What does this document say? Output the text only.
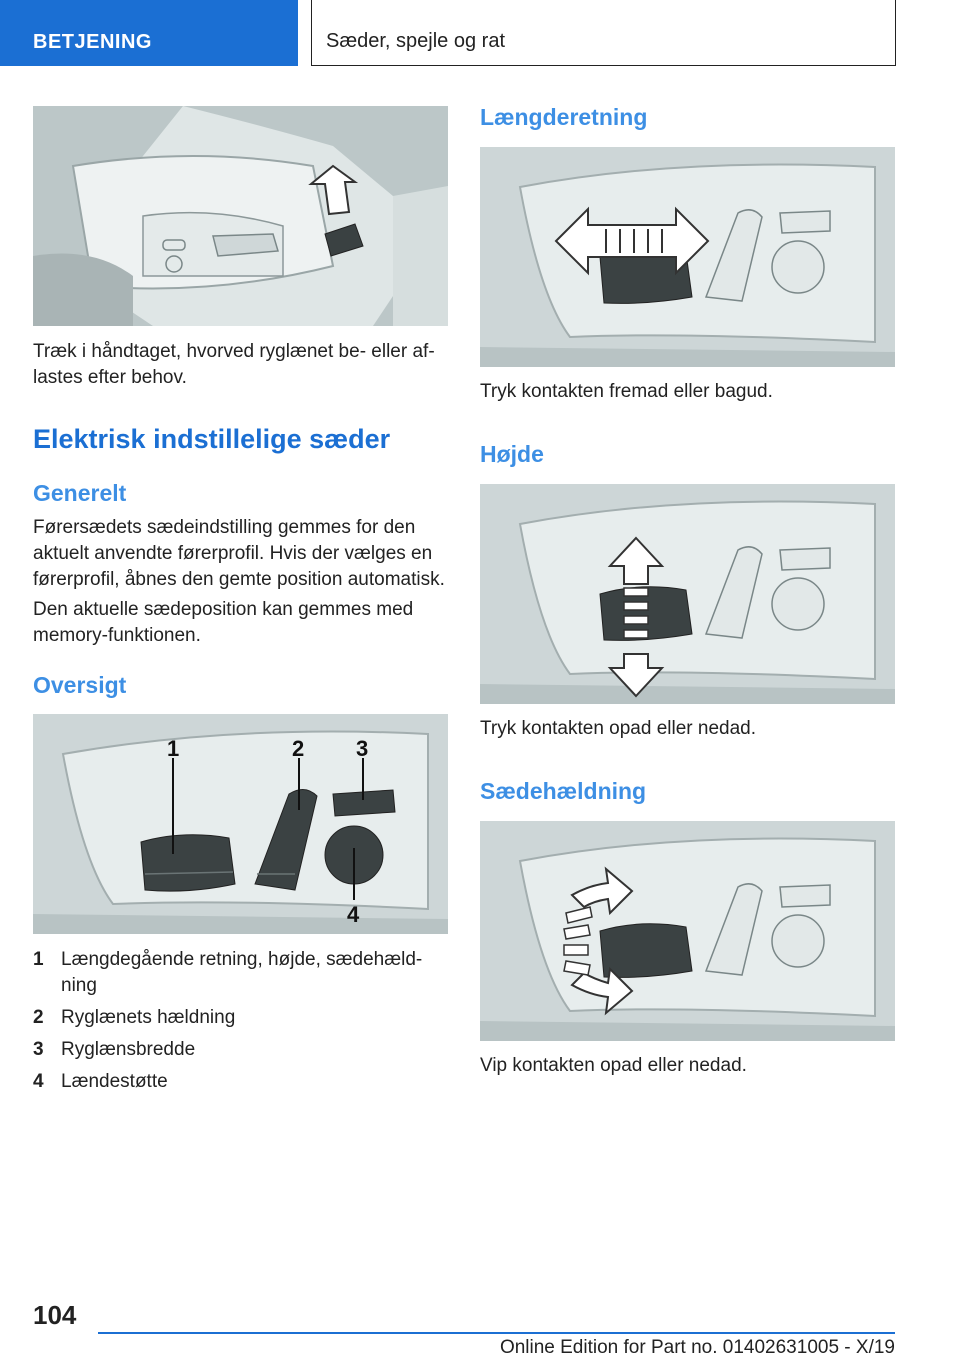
BETJENING	Sæder, spejle og rat
Træk i håndtaget, hvorved ryglænet be‐ eller af‐
lastes efter behov.
Elektrisk indstillelige sæder
Generelt
Førersædets sædeindstilling gemmes for den
aktuelt anvendte førerprofil. Hvis der vælges en
førerprofil, åbnes den gemte position automatisk.
Den aktuelle sædeposition kan gemmes med
memory-funktionen.
Oversigt
1	2 3
4
1 Længdegående retning, højde, sædehæld‐
ning
2 Ryglænets hældning
3 Ryglænsbredde
4 Lændestøtte
Længderetning
Tryk kontakten fremad eller bagud.
Højde
Tryk kontakten opad eller nedad.
Sædehældning
Vip kontakten opad eller nedad.
104
Online Edition for Part no. 01402631005 - X/19
